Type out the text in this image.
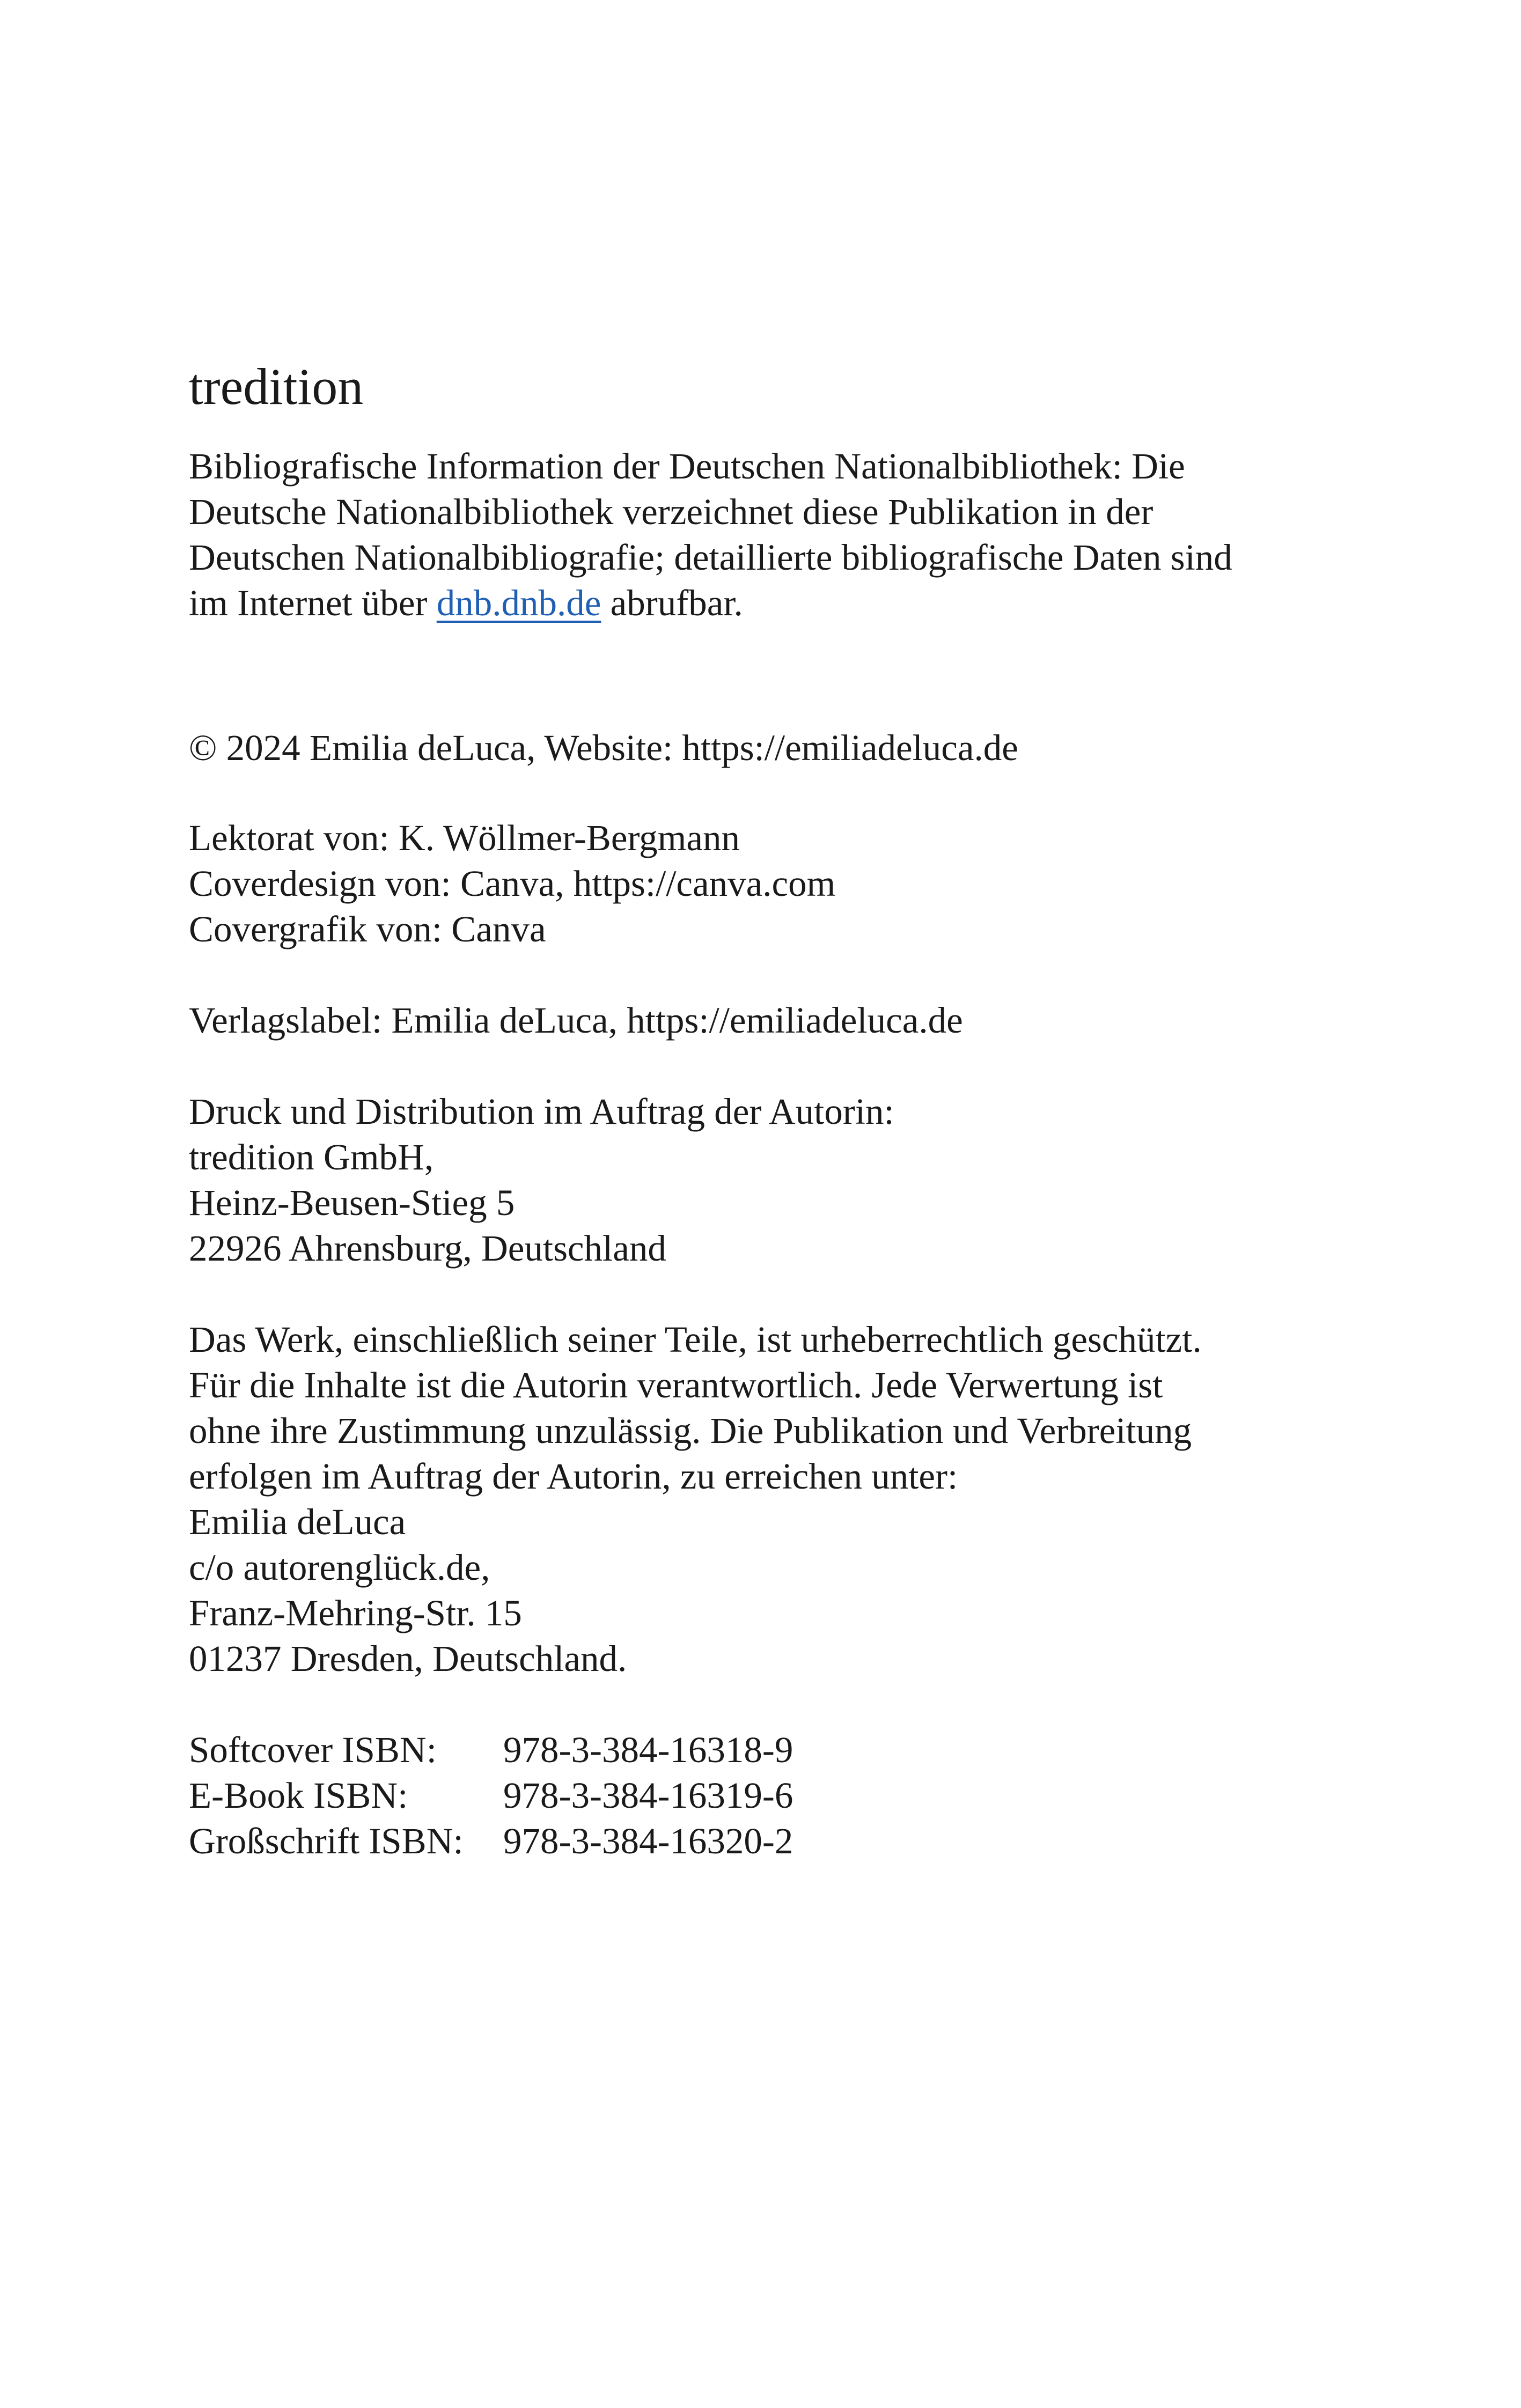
tredition
Bibliografische Information der Deutschen Nationalbibliothek: Die
Deutsche Nationalbibliothek verzeichnet diese Publikation in der
Deutschen Nationalbibliografie; detaillierte bibliografische Daten sind
im Internet über dnb.dnb.de abrufbar.
© 2024 Emilia deLuca, Website: https://emiliadeluca.de
Lektorat von: K. Wöllmer-Bergmann
Coverdesign von: Canva, https://canva.com
Covergrafik von: Canva
Verlagslabel: Emilia deLuca, https://emiliadeluca.de
Druck und Distribution im Auftrag der Autorin:
tredition GmbH,
Heinz-Beusen-Stieg 5
22926 Ahrensburg, Deutschland
Das Werk, einschließlich seiner Teile, ist urheberrechtlich geschützt.
Für die Inhalte ist die Autorin verantwortlich. Jede Verwertung ist
ohne ihre Zustimmung unzulässig. Die Publikation und Verbreitung
erfolgen im Auftrag der Autorin, zu erreichen unter:
Emilia deLuca
c/o autorenglück.de,
Franz-Mehring-Str. 15
01237 Dresden, Deutschland.
Softcover ISBN:	978-3-384-16318-9
E-Book ISBN:	978-3-384-16319-6
Großschrift ISBN:	978-3-384-16320-2
